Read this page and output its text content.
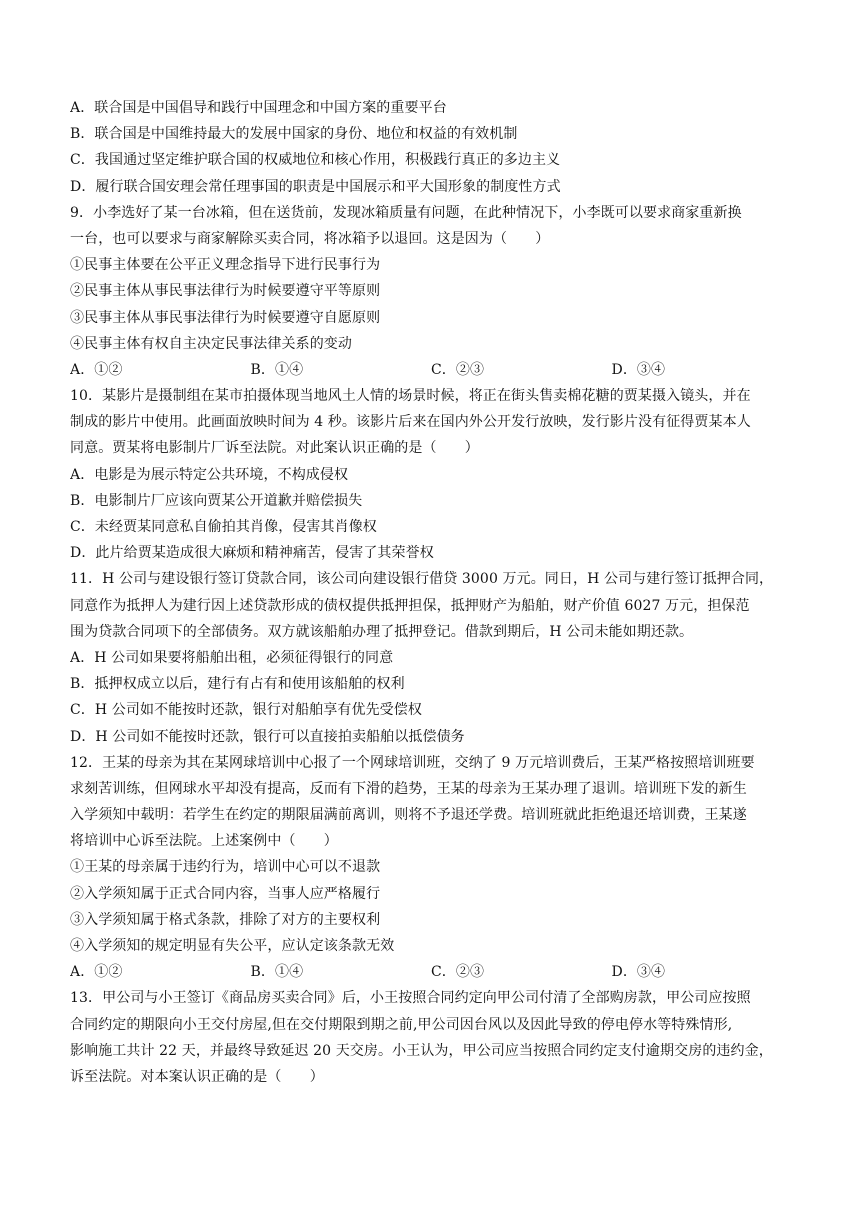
A．联合国是中国倡导和践行中国理念和中国方案的重要平台
B．联合国是中国维持最大的发展中国家的身份、地位和权益的有效机制
C．我国通过坚定维护联合国的权威地位和核心作用，积极践行真正的多边主义
D．履行联合国安理会常任理事国的职责是中国展示和平大国形象的制度性方式
9．小李选好了某一台冰箱，但在送货前，发现冰箱质量有问题，在此种情况下，小李既可以要求商家重新换
一台，也可以要求与商家解除买卖合同，将冰箱予以退回。这是因为（　　）
①民事主体要在公平正义理念指导下进行民事行为
②民事主体从事民事法律行为时候要遵守平等原则
③民事主体从事民事法律行为时候要遵守自愿原则
④民事主体有权自主决定民事法律关系的变动
A．①②	B．①④	C．②③	D．③④
10．某影片是摄制组在某市拍摄体现当地风土人情的场景时候，将正在街头售卖棉花糖的贾某摄入镜头，并在
制成的影片中使用。此画面放映时间为 4 秒。该影片后来在国内外公开发行放映，发行影片没有征得贾某本人
同意。贾某将电影制片厂诉至法院。对此案认识正确的是（　　）
A．电影是为展示特定公共环境，不构成侵权
B．电影制片厂应该向贾某公开道歉并赔偿损失
C．未经贾某同意私自偷拍其肖像，侵害其肖像权
D．此片给贾某造成很大麻烦和精神痛苦，侵害了其荣誉权
11．H 公司与建设银行签订贷款合同，该公司向建设银行借贷 3000 万元。同日，H 公司与建行签订抵押合同，
同意作为抵押人为建行因上述贷款形成的债权提供抵押担保，抵押财产为船舶，财产价值 6027 万元，担保范
围为贷款合同项下的全部债务。双方就该船舶办理了抵押登记。借款到期后，H 公司未能如期还款。
A．H 公司如果要将船舶出租，必须征得银行的同意
B．抵押权成立以后，建行有占有和使用该船舶的权利
C．H 公司如不能按时还款，银行对船舶享有优先受偿权
D．H 公司如不能按时还款，银行可以直接拍卖船舶以抵偿债务
12．王某的母亲为其在某网球培训中心报了一个网球培训班，交纳了 9 万元培训费后，王某严格按照培训班要
求刻苦训练，但网球水平却没有提高，反而有下滑的趋势，王某的母亲为王某办理了退训。培训班下发的新生
入学须知中载明：若学生在约定的期限届满前离训，则将不予退还学费。培训班就此拒绝退还培训费，王某遂
将培训中心诉至法院。上述案例中（　　）
①王某的母亲属于违约行为，培训中心可以不退款
②入学须知属于正式合同内容，当事人应严格履行
③入学须知属于格式条款，排除了对方的主要权利
④入学须知的规定明显有失公平，应认定该条款无效
A．①②	B．①④	C．②③	D．③④
13．甲公司与小王签订《商品房买卖合同》后，小王按照合同约定向甲公司付清了全部购房款，甲公司应按照
合同约定的期限向小王交付房屋,但在交付期限到期之前,甲公司因台风以及因此导致的停电停水等特殊情形,
影响施工共计 22 天，并最终导致延迟 20 天交房。小王认为，甲公司应当按照合同约定支付逾期交房的违约金，
诉至法院。对本案认识正确的是（　　）
